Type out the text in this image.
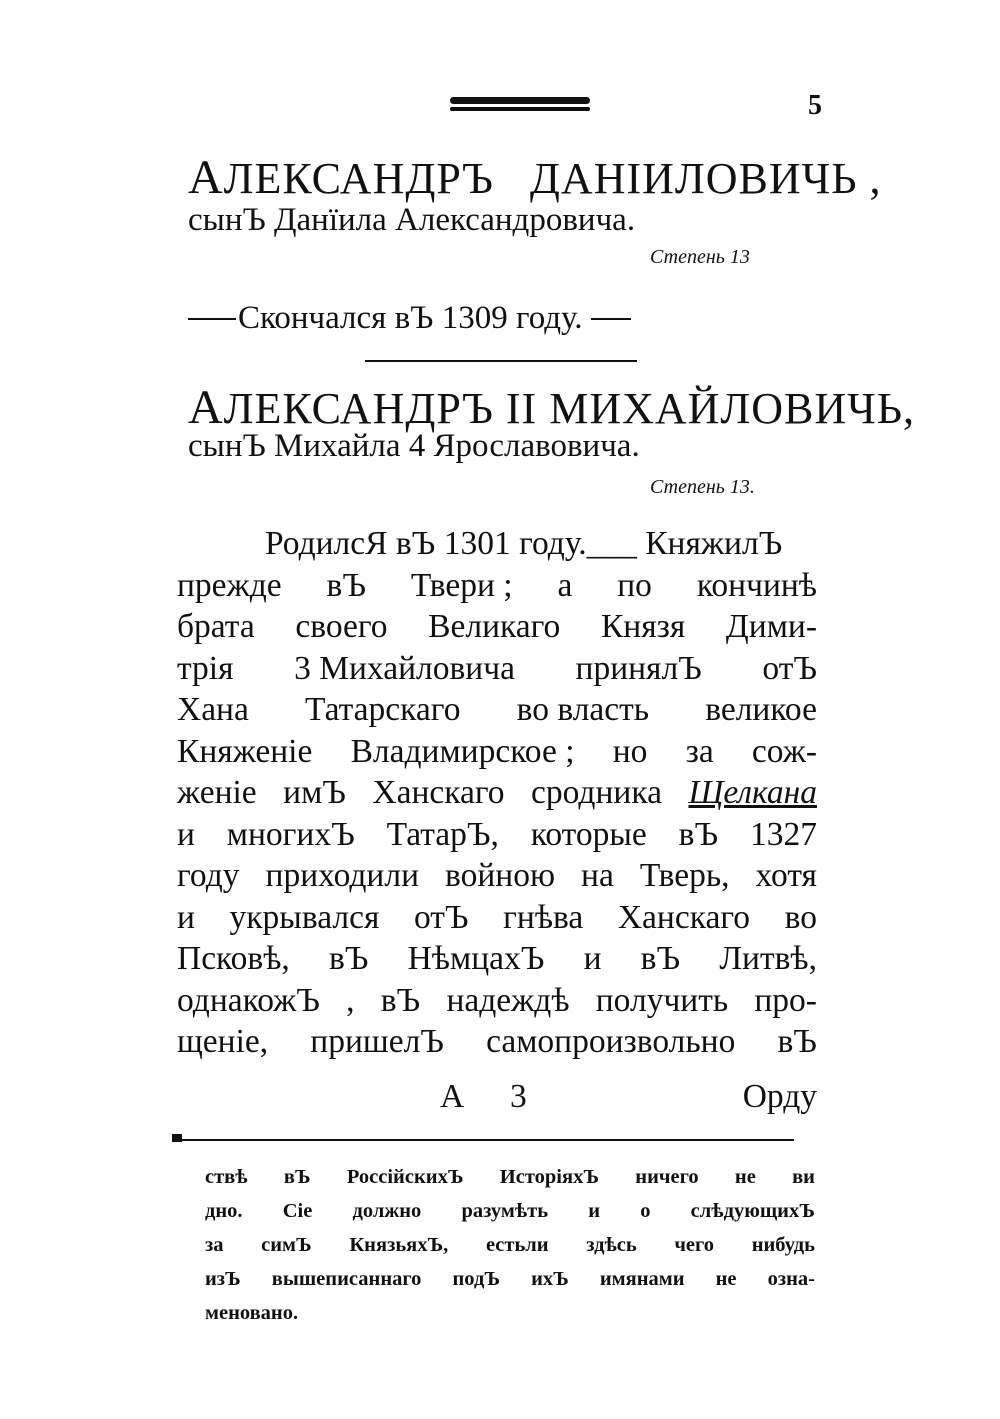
5
АЛЕКСАНДРЪ   ДАНІИЛОВИЧЬ ,
сынЪ Данїила Александровича.
Степень 13
Скончался вЪ 1309 году.
АЛЕКСАНДРЪ II МИХАЙЛОВИЧЬ,
сынЪ Михайла 4 Ярославовича.
Степень 13.
РодилсЯ вЪ 1301 году.___ КняжилЪ
прежде вЪ Твери ; а по кончинѣ
брата своего Великаго Князя Дими-
трія 3 Михайловича принялЪ отЪ
Хана Татарскаго во власть великое
Княженіе Владимирское ; но за сож-
женіе имЪ Ханскаго сродника Щелкана
и многихЪ ТатарЪ, которые вЪ 1327
году приходили войною на Тверь, хотя
и укрывался отЪ гнѣва Ханскаго во
Псковѣ, вЪ НѣмцахЪ и вЪ Литвѣ,
однакожЪ , вЪ надеждѣ получить про-
щеніе, пришелЪ самопроизвольно вЪ
А 3	Орду
ствѣ вЪ РоссійскихЪ ИсторіяхЪ ничего не ви
дно. Сіе должно разумѣть и о слѣдующихЪ
за симЪ КнязьяхЪ, естьли здѣсь чего нибудь
изЪ вышеписаннаго подЪ ихЪ имянами не озна-
меновано.
